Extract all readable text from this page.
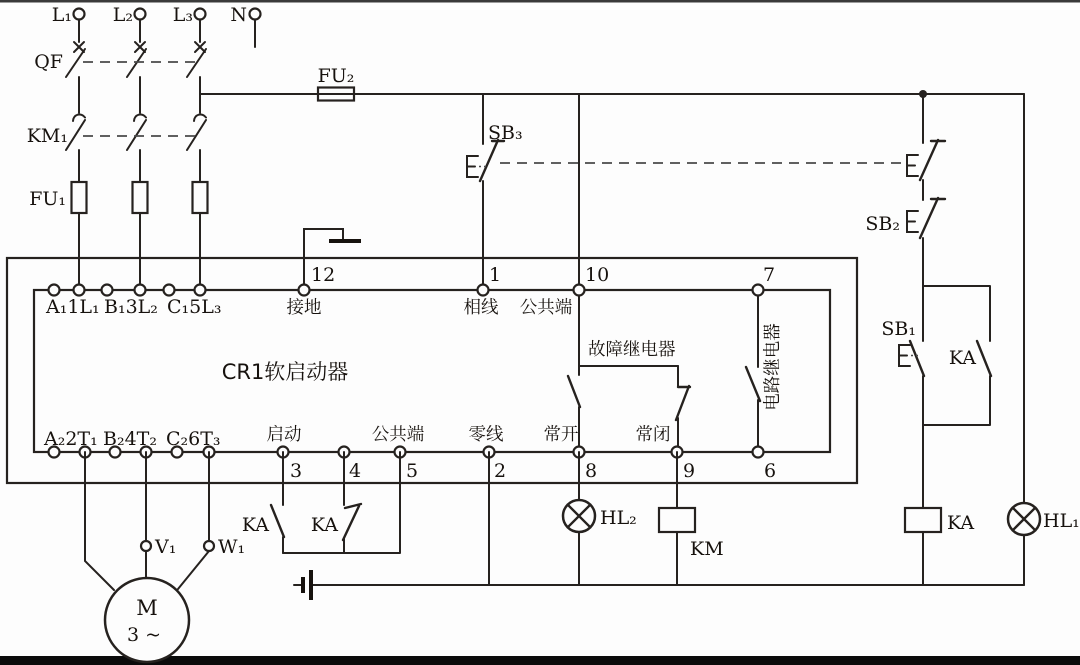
L₁ L₂ L₃ N
QF
KM₁
FU₁
FU₂
SB₃
SB₂
SB₁
KA
KA	HL₁
HL₂
KM
KA KA
V₁ W₁
M
3 ~
A₁1L₁ B₁3L₂ C₁5L₃
12
接地
1
相线
10
公共端
7
CR1软启动器
故障继电器	电路继电器
A₂2T₁ B₂4T₂ C₂6T₃	启动
3 4
公共端
5
零线
2
常开
8
常闭
9	6
